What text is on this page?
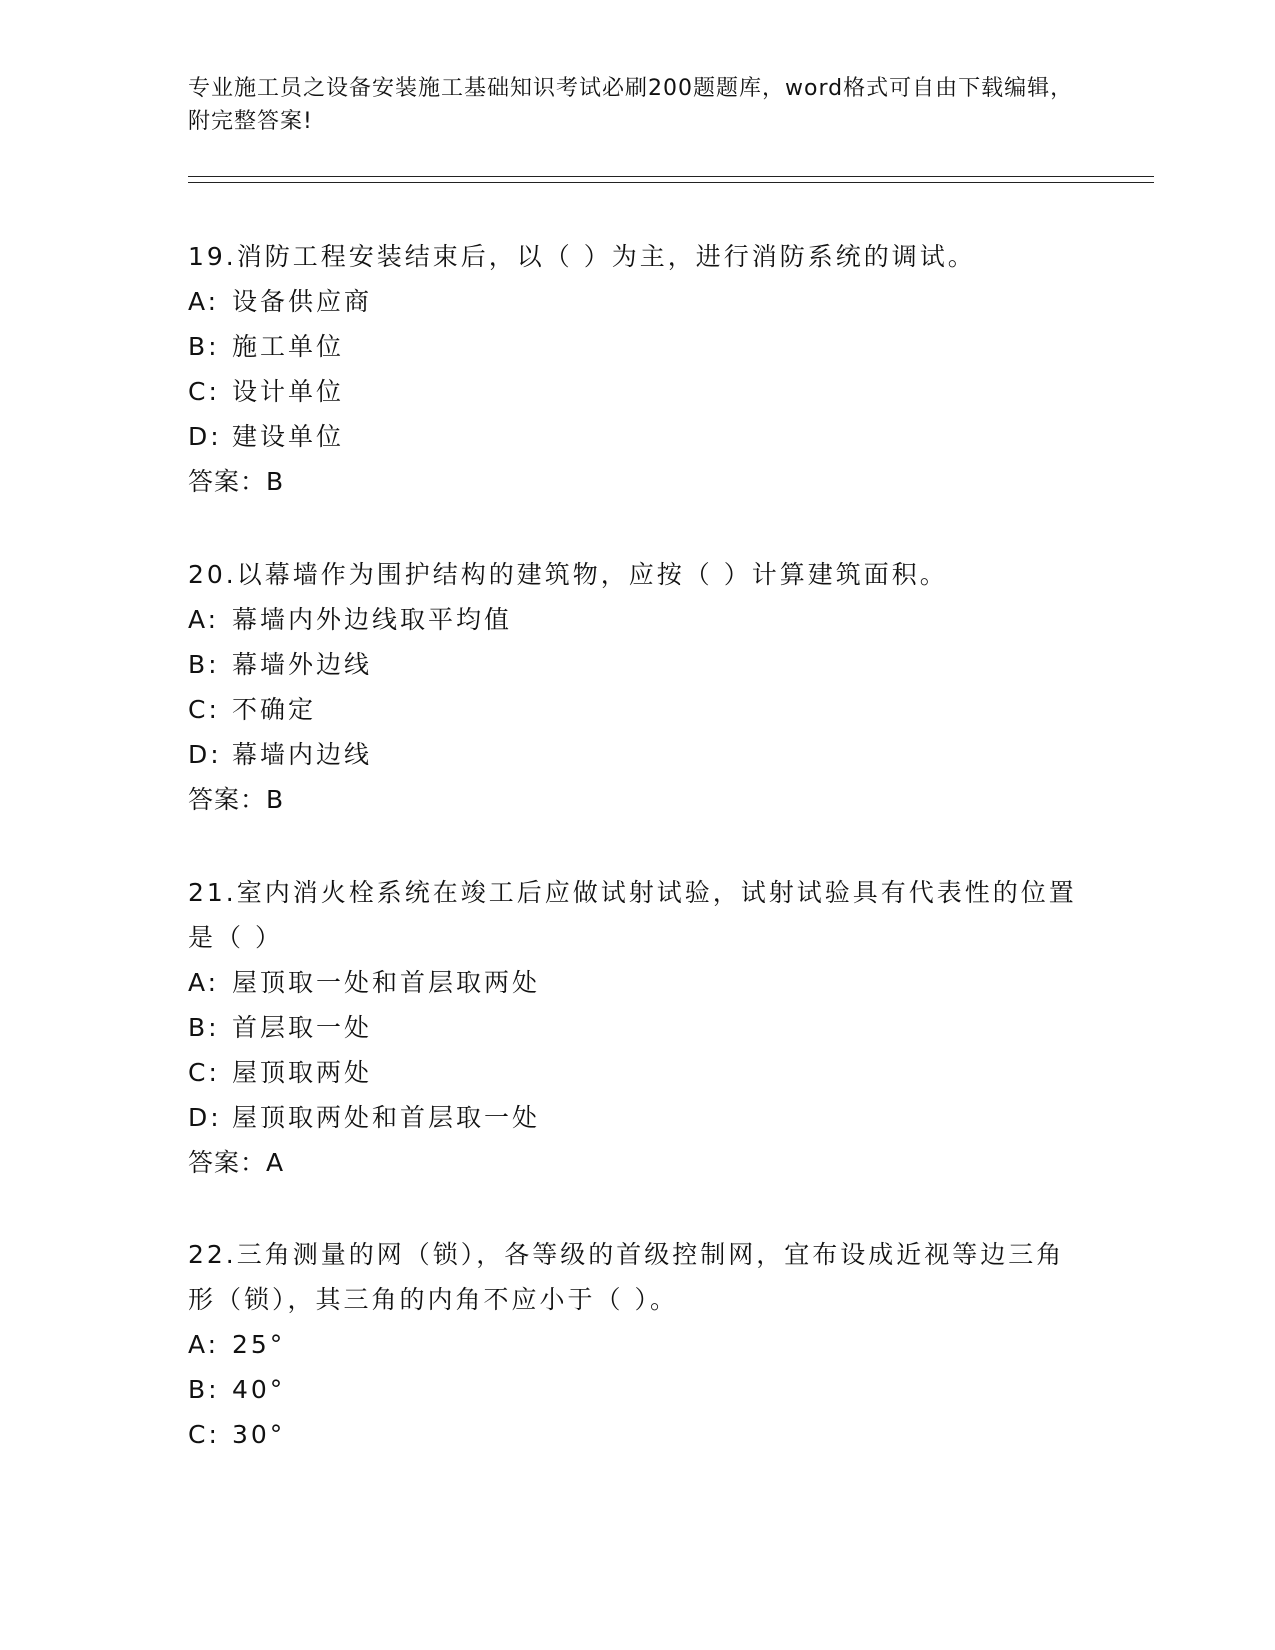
专业施工员之设备安装施工基础知识考试必刷200题题库，word格式可自由下载编辑，附完整答案!

19.消防工程安装结束后，以（ ）为主，进行消防系统的调试。

A: 设备供应商

B: 施工单位

C: 设计单位

D: 建设单位

答案：B

20.以幕墙作为围护结构的建筑物，应按（ ）计算建筑面积。

A: 幕墙内外边线取平均值

B: 幕墙外边线

C: 不确定

D: 幕墙内边线

答案：B

21.室内消火栓系统在竣工后应做试射试验，试射试验具有代表性的位置是（ ）

A: 屋顶取一处和首层取两处

B: 首层取一处

C: 屋顶取两处

D: 屋顶取两处和首层取一处

答案：A

22.三角测量的网（锁），各等级的首级控制网，宜布设成近视等边三角形（锁），其三角的内角不应小于（ ）。

A: 25°

B: 40°

C: 30°
